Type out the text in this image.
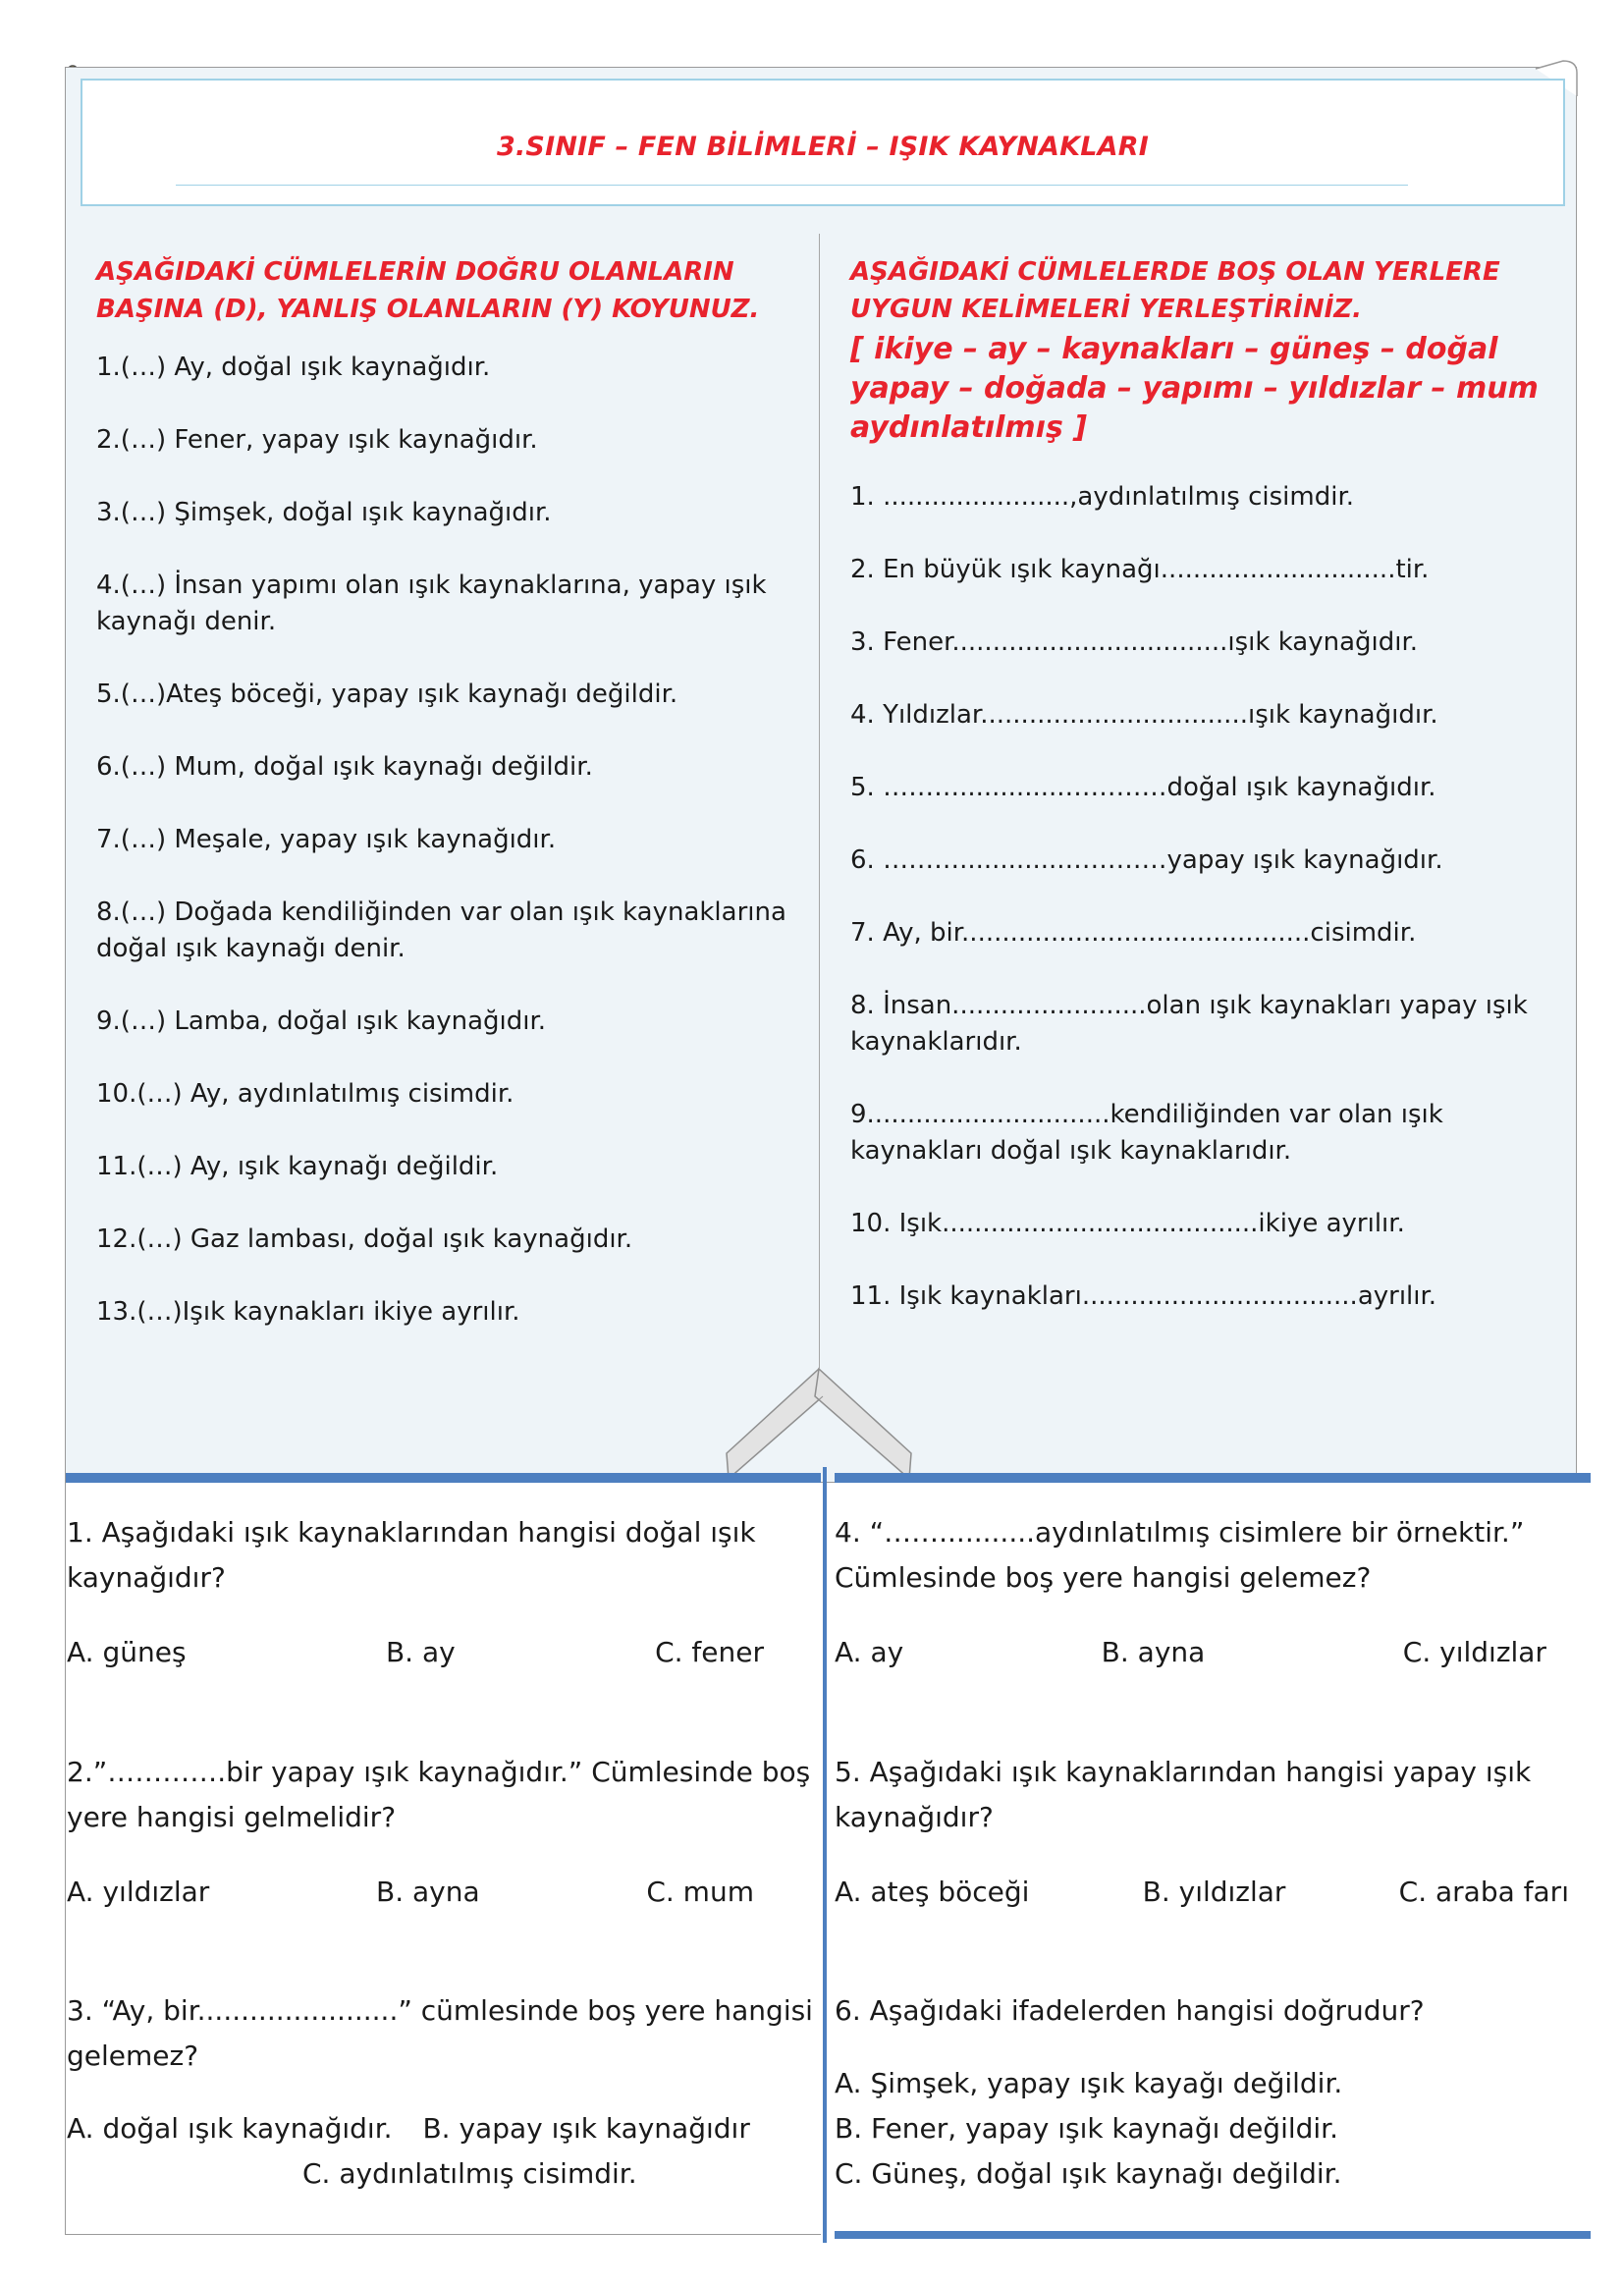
3.SINIF – FEN BİLİMLERİ – IŞIK KAYNAKLARI
AŞAĞIDAKİ CÜMLELERİN DOĞRU OLANLARIN BAŞINA (D), YANLIŞ OLANLARIN (Y) KOYUNUZ.
1.(…) Ay, doğal ışık kaynağıdır.
2.(…) Fener, yapay ışık kaynağıdır.
3.(…) Şimşek, doğal ışık kaynağıdır.
4.(…) İnsan yapımı olan ışık kaynaklarına, yapay ışık kaynağı denir.
5.(…)Ateş böceği, yapay ışık kaynağı değildir.
6.(…) Mum, doğal ışık kaynağı değildir.
7.(…) Meşale, yapay ışık kaynağıdır.
8.(…) Doğada kendiliğinden var olan ışık kaynaklarına doğal ışık kaynağı denir.
9.(…) Lamba, doğal ışık kaynağıdır.
10.(…) Ay, aydınlatılmış cisimdir.
11.(…) Ay, ışık kaynağı değildir.
12.(…) Gaz lambası, doğal ışık kaynağıdır.
13.(…)Işık kaynakları ikiye ayrılır.
AŞAĞIDAKİ CÜMLELERDE BOŞ OLAN YERLERE UYGUN KELİMELERİ YERLEŞTİRİNİZ.
[ ikiye – ay – kaynakları – güneş – doğal yapay – doğada – yapımı – yıldızlar – mum aydınlatılmış ]
1. .......................,aydınlatılmış cisimdir.
2. En büyük ışık kaynağı.............................tir.
3. Fener..................................ışık kaynağıdır.
4. Yıldızlar.................................ışık kaynağıdır.
5. ……….............…………doğal ışık kaynağıdır.
6. ……….............…………yapay ışık kaynağıdır.
7. Ay, bir...........................................cisimdir.
8. İnsan........................olan ışık kaynakları yapay ışık kaynaklarıdır.
9..............................kendiliğinden var olan ışık kaynakları doğal ışık kaynaklarıdır.
10. Işık.......................................ikiye ayrılır.
11. Işık kaynakları..................................ayrılır.
1. Aşağıdaki ışık kaynaklarından hangisi doğal ışık kaynağıdır?
A. güneş	B. ay	C. fener
2.”………….bir yapay ışık kaynağıdır.” Cümlesinde boş yere hangisi gelmelidir?
A. yıldızlar	B. ayna	C. mum
3. “Ay, bir.......................” cümlesinde boş yere hangisi gelemez?
A. doğal ışık kaynağıdır. B. yapay ışık kaynağıdır
C. aydınlatılmış cisimdir.
4. “……...........aydınlatılmış cisimlere bir örnektir.” Cümlesinde boş yere hangisi gelemez?
A. ay	B. ayna	C. yıldızlar
5. Aşağıdaki ışık kaynaklarından hangisi yapay ışık kaynağıdır?
A. ateş böceği	B. yıldızlar	C. araba farı
6. Aşağıdaki ifadelerden hangisi doğrudur?
A. Şimşek, yapay ışık kayağı değildir.
B. Fener, yapay ışık kaynağı değildir.
C. Güneş, doğal ışık kaynağı değildir.
